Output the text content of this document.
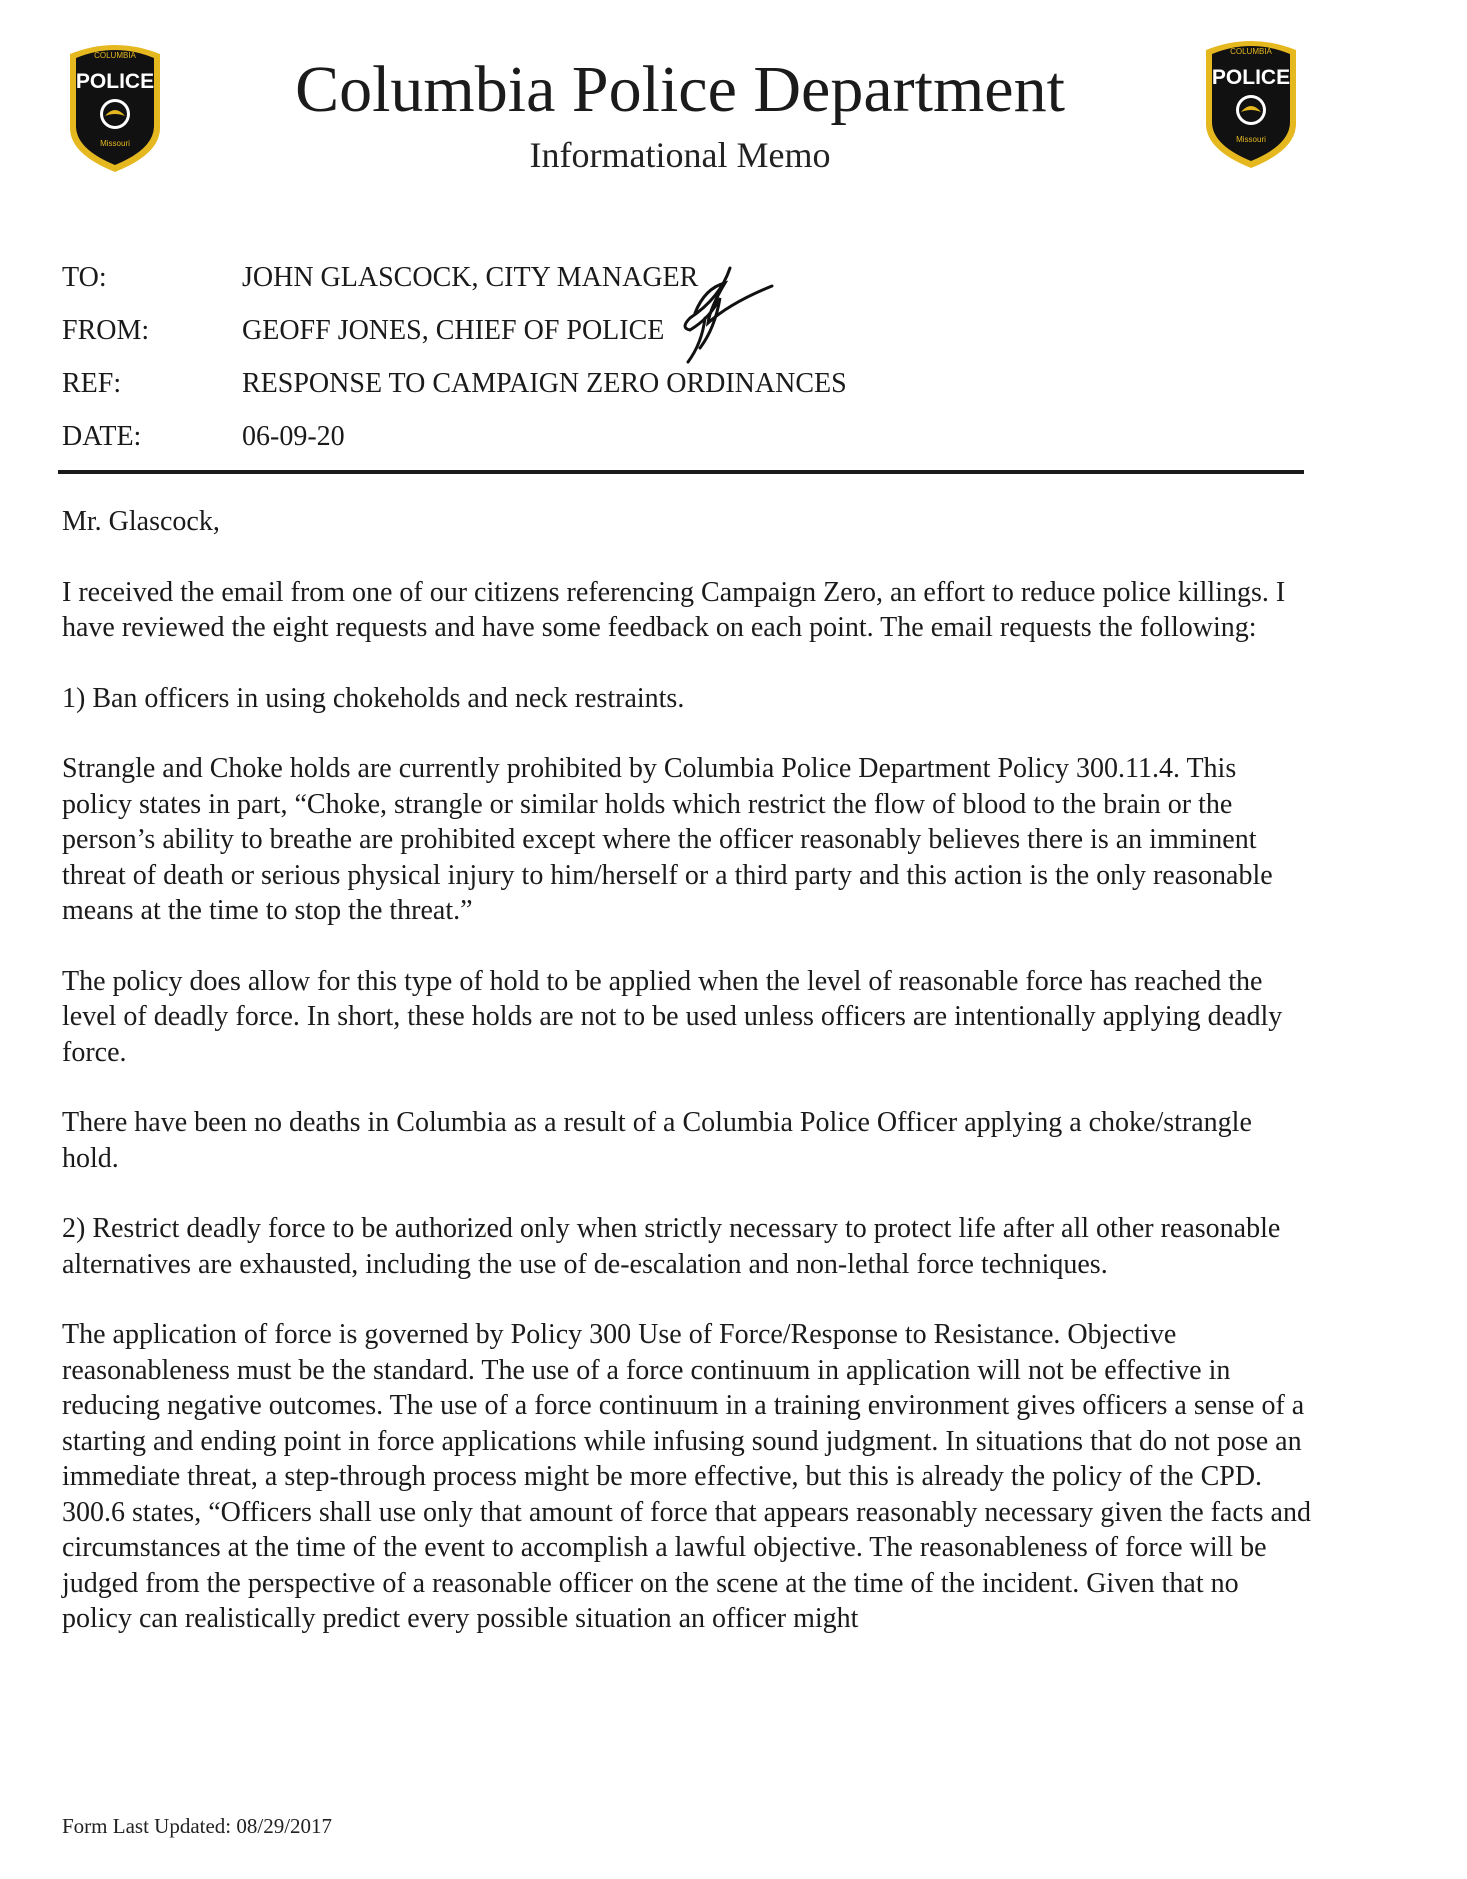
COLUMBIA
POLICE
Missouri
Columbia Police Department
Informational Memo
COLUMBIA
POLICE
Missouri
TO:	JOHN GLASCOCK, CITY MANAGER
FROM:	GEOFF JONES, CHIEF OF POLICE
REF:	RESPONSE TO CAMPAIGN ZERO ORDINANCES
DATE:	06-09-20

Mr. Glascock,

I received the email from one of our citizens referencing Campaign Zero, an effort to reduce police killings. I have reviewed the eight requests and have some feedback on each point. The email requests the following:

1) Ban officers in using chokeholds and neck restraints.

Strangle and Choke holds are currently prohibited by Columbia Police Department Policy 300.11.4. This policy states in part, “Choke, strangle or similar holds which restrict the flow of blood to the brain or the person’s ability to breathe are prohibited except where the officer reasonably believes there is an imminent threat of death or serious physical injury to him/herself or a third party and this action is the only reasonable means at the time to stop the threat.”

The policy does allow for this type of hold to be applied when the level of reasonable force has reached the level of deadly force. In short, these holds are not to be used unless officers are intentionally applying deadly force.

There have been no deaths in Columbia as a result of a Columbia Police Officer applying a choke/strangle hold.

2) Restrict deadly force to be authorized only when strictly necessary to protect life after all other reasonable alternatives are exhausted, including the use of de-escalation and non-lethal force techniques.

The application of force is governed by Policy 300 Use of Force/Response to Resistance. Objective reasonableness must be the standard. The use of a force continuum in application will not be effective in reducing negative outcomes. The use of a force continuum in a training environment gives officers a sense of a starting and ending point in force applications while infusing sound judgment. In situations that do not pose an immediate threat, a step-through process might be more effective, but this is already the policy of the CPD. 300.6 states, “Officers shall use only that amount of force that appears reasonably necessary given the facts and circumstances at the time of the event to accomplish a lawful objective. The reasonableness of force will be judged from the perspective of a reasonable officer on the scene at the time of the incident. Given that no policy can realistically predict every possible situation an officer might

Form Last Updated: 08/29/2017
